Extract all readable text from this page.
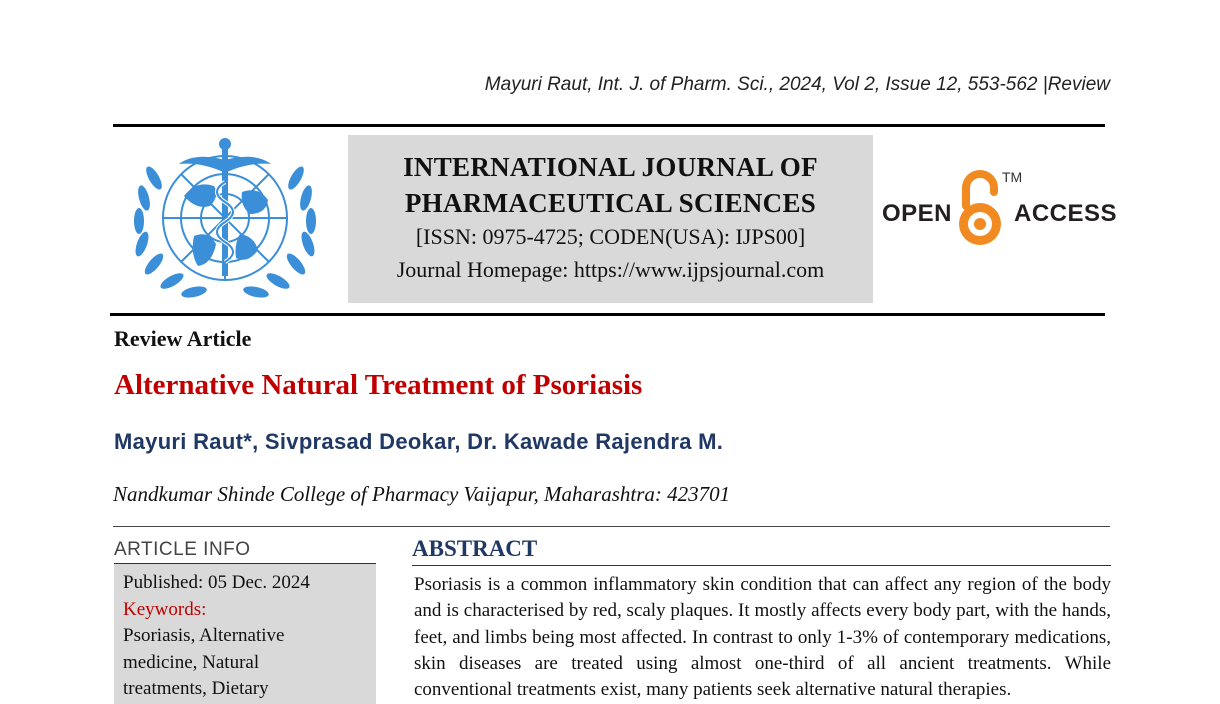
Mayuri Raut, Int. J. of Pharm. Sci., 2024, Vol 2, Issue 12, 553-562 |Review
INTERNATIONAL JOURNAL OF
PHARMACEUTICAL SCIENCES
[ISSN: 0975-4725; CODEN(USA): IJPS00]
Journal Homepage: https://www.ijpsjournal.com
OPEN
TM
ACCESS
Review Article
Alternative Natural Treatment of Psoriasis
Mayuri Raut*, Sivprasad Deokar, Dr. Kawade Rajendra M.
Nandkumar Shinde College of Pharmacy Vaijapur, Maharashtra: 423701
ARTICLE INFO
Published: 05 Dec. 2024
Keywords:
Psoriasis, Alternative
medicine, Natural
treatments, Dietary
ABSTRACT
Psoriasis is a common inflammatory skin condition that can affect any region of the body and is characterised by red, scaly plaques. It mostly affects every body part, with the hands, feet, and limbs being most affected. In contrast to only 1-3% of contemporary medications, skin diseases are treated using almost one-third of all ancient treatments. While conventional treatments exist, many patients seek alternative natural therapies.
